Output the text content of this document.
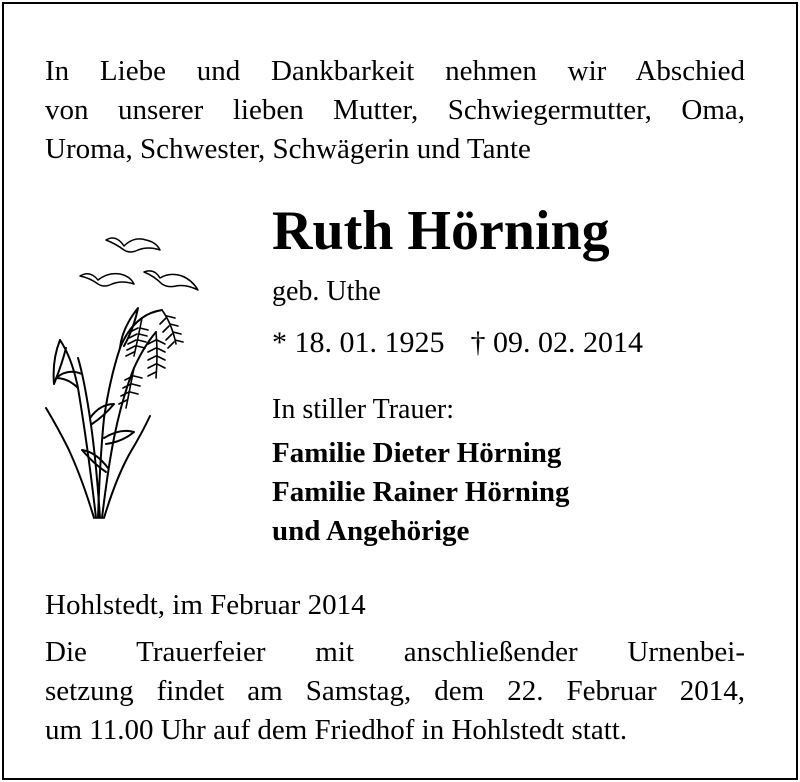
In Liebe und Dankbarkeit nehmen wir Abschied
von unserer lieben Mutter, Schwiegermutter, Oma,
Uroma, Schwester, Schwägerin und Tante
Ruth Hörning
geb. Uthe
* 18. 01. 1925 † 09. 02. 2014
In stiller Trauer:
Familie Dieter Hörning
Familie Rainer Hörning
und Angehörige
Hohlstedt, im Februar 2014
Die Trauerfeier mit anschließender Urnenbei-
setzung findet am Samstag, dem 22. Februar 2014,
um 11.00 Uhr auf dem Friedhof in Hohlstedt statt.
